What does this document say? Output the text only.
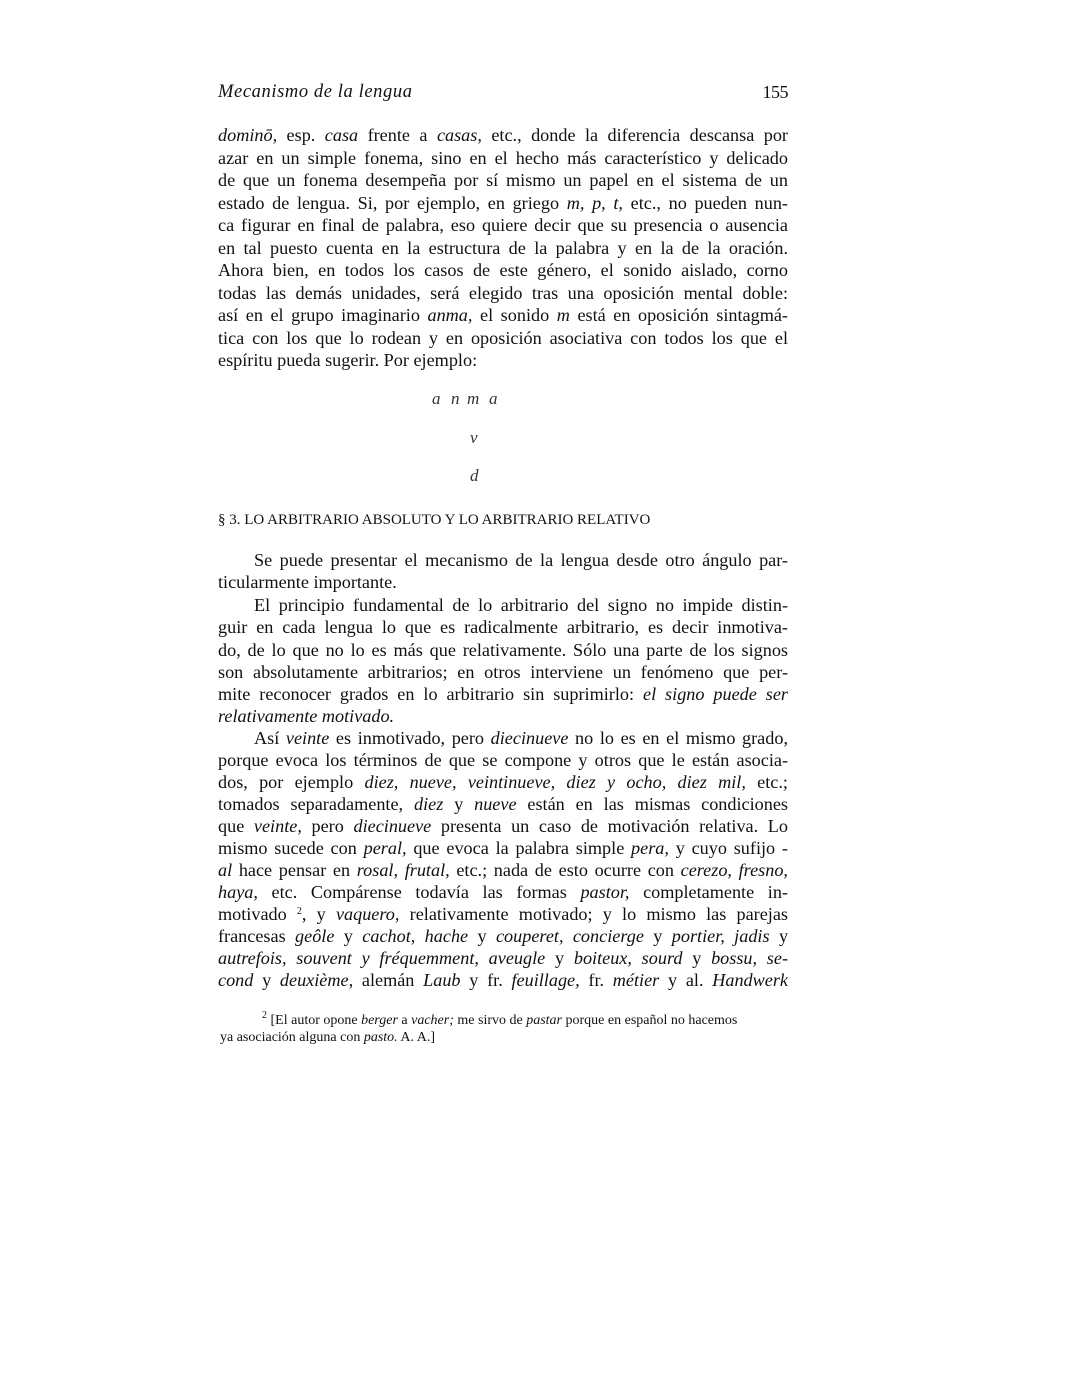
Mecanismo de la lengua	155
dominō, esp. casa frente a casas, etc., donde la diferencia descansa por
azar en un simple fonema, sino en el hecho más característico y delicado
de que un fonema desempeña por sí mismo un papel en el sistema de un
estado de lengua. Si, por ejemplo, en griego m, p, t, etc., no pueden nun-
ca figurar en final de palabra, eso quiere decir que su presencia o ausencia
en tal puesto cuenta en la estructura de la palabra y en la de la oración.
Ahora bien, en todos los casos de este género, el sonido aislado, corno
todas las demás unidades, será elegido tras una oposición mental doble:
así en el grupo imaginario anma, el sonido m está en oposición sintagmá-
tica con los que lo rodean y en oposición asociativa con todos los que el
espíritu pueda sugerir. Por ejemplo:
a n m a
v
d
§ 3. LO ARBITRARIO ABSOLUTO Y LO ARBITRARIO RELATIVO
Se puede presentar el mecanismo de la lengua desde otro ángulo par-
ticularmente importante.
El principio fundamental de lo arbitrario del signo no impide distin-
guir en cada lengua lo que es radicalmente arbitrario, es decir inmotiva-
do, de lo que no lo es más que relativamente. Sólo una parte de los signos
son absolutamente arbitrarios; en otros interviene un fenómeno que per-
mite reconocer grados en lo arbitrario sin suprimirlo: el signo puede ser
relativamente motivado.
Así veinte es inmotivado, pero diecinueve no lo es en el mismo grado,
porque evoca los términos de que se compone y otros que le están asocia-
dos, por ejemplo diez, nueve, veintinueve, diez y ocho, diez mil, etc.;
tomados separadamente, diez y nueve están en las mismas condiciones
que veinte, pero diecinueve presenta un caso de motivación relativa. Lo
mismo sucede con peral, que evoca la palabra simple pera, y cuyo sufijo -
al hace pensar en rosal, frutal, etc.; nada de esto ocurre con cerezo, fresno,
haya, etc. Compárense todavía las formas pastor, completamente in-
motivado $^2$, y vaquero, relativamente motivado; y lo mismo las parejas
francesas geôle y cachot, hache y couperet, concierge y portier, jadis y
autrefois, souvent y fréquemment, aveugle y boiteux, sourd y bossu, se-
cond y deuxième, alemán Laub y fr. feuillage, fr. métier y al. Handwerk
$^2$ [El autor opone berger a vacher; me sirvo de pastar porque en español no hacemos
ya asociación alguna con pasto. A. A.]
